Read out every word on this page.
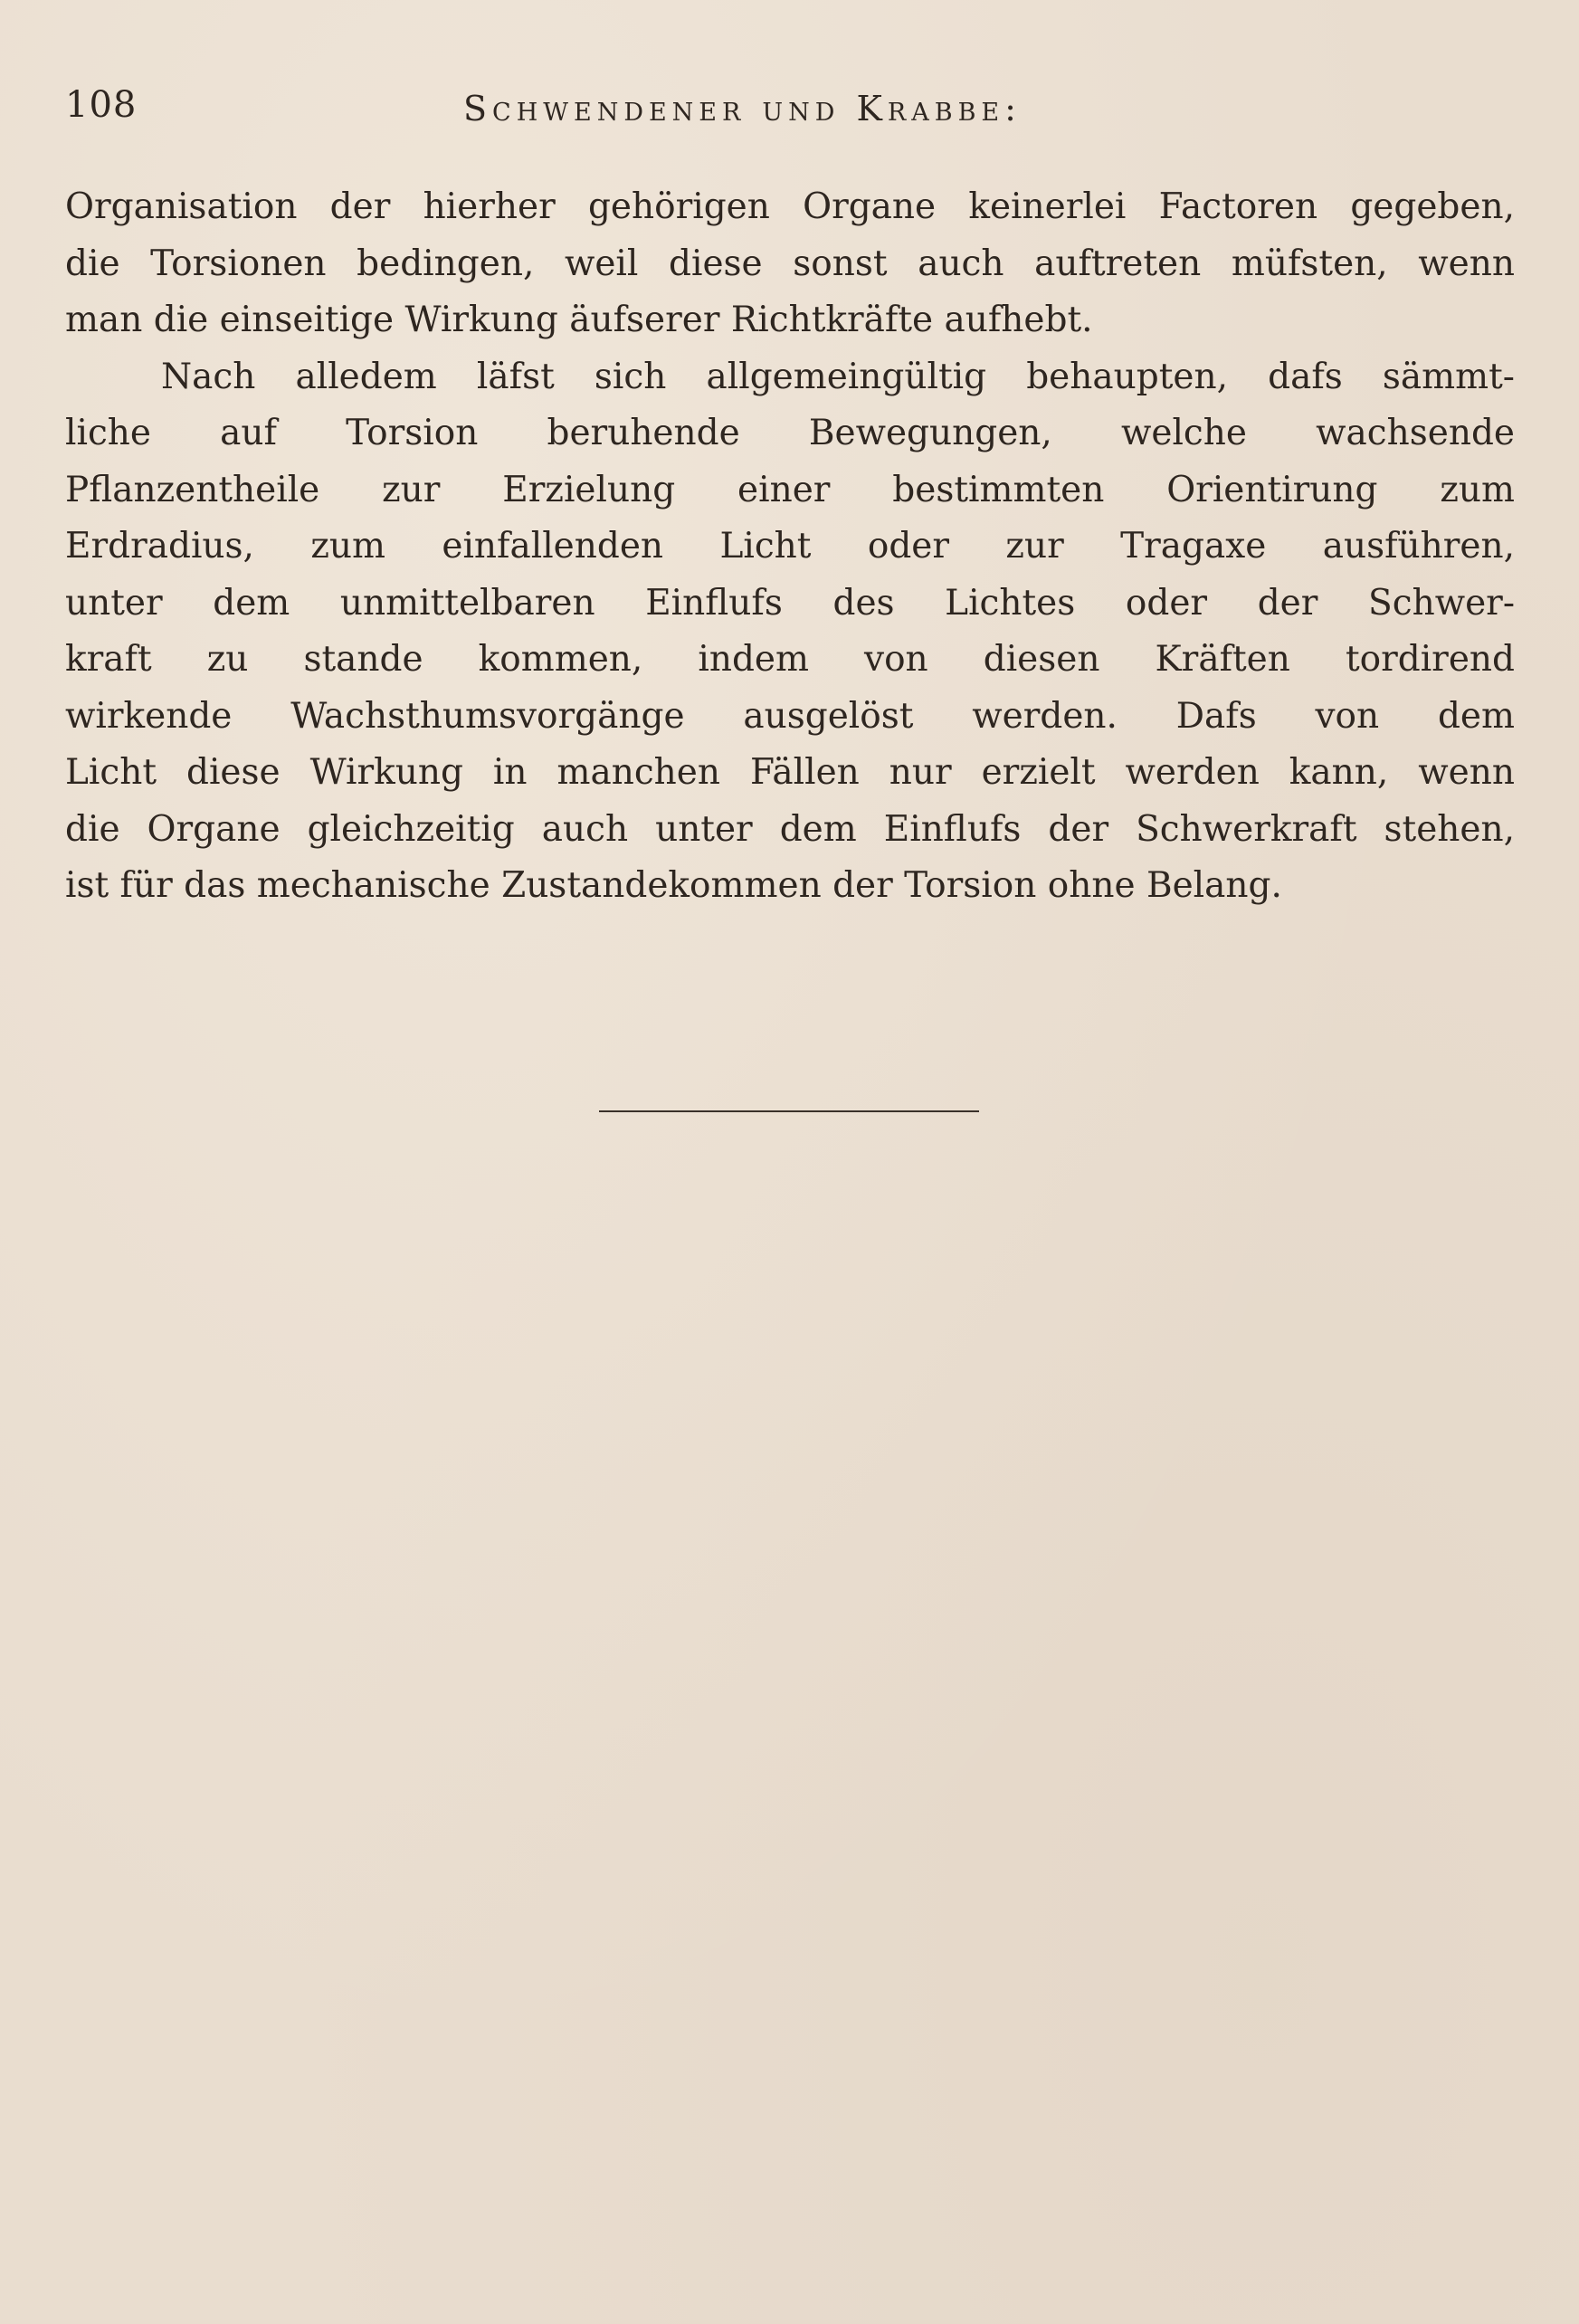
108	Schwendener und Krabbe:
Organisation der hierher gehörigen Organe keinerlei Factoren gegeben,
die Torsionen bedingen, weil diese sonst auch auftreten müfsten, wenn
man die einseitige Wirkung äufserer Richtkräfte aufhebt.
Nach alledem läfst sich allgemeingültig behaupten, dafs sämmt-
liche auf Torsion beruhende Bewegungen, welche wachsende
Pflanzentheile zur Erzielung einer bestimmten Orientirung zum
Erdradius, zum einfallenden Licht oder zur Tragaxe ausführen,
unter dem unmittelbaren Einflufs des Lichtes oder der Schwer-
kraft zu stande kommen, indem von diesen Kräften tordirend
wirkende Wachsthumsvorgänge ausgelöst werden. Dafs von dem
Licht diese Wirkung in manchen Fällen nur erzielt werden kann, wenn
die Organe gleichzeitig auch unter dem Einflufs der Schwerkraft stehen,
ist für das mechanische Zustandekommen der Torsion ohne Belang.
